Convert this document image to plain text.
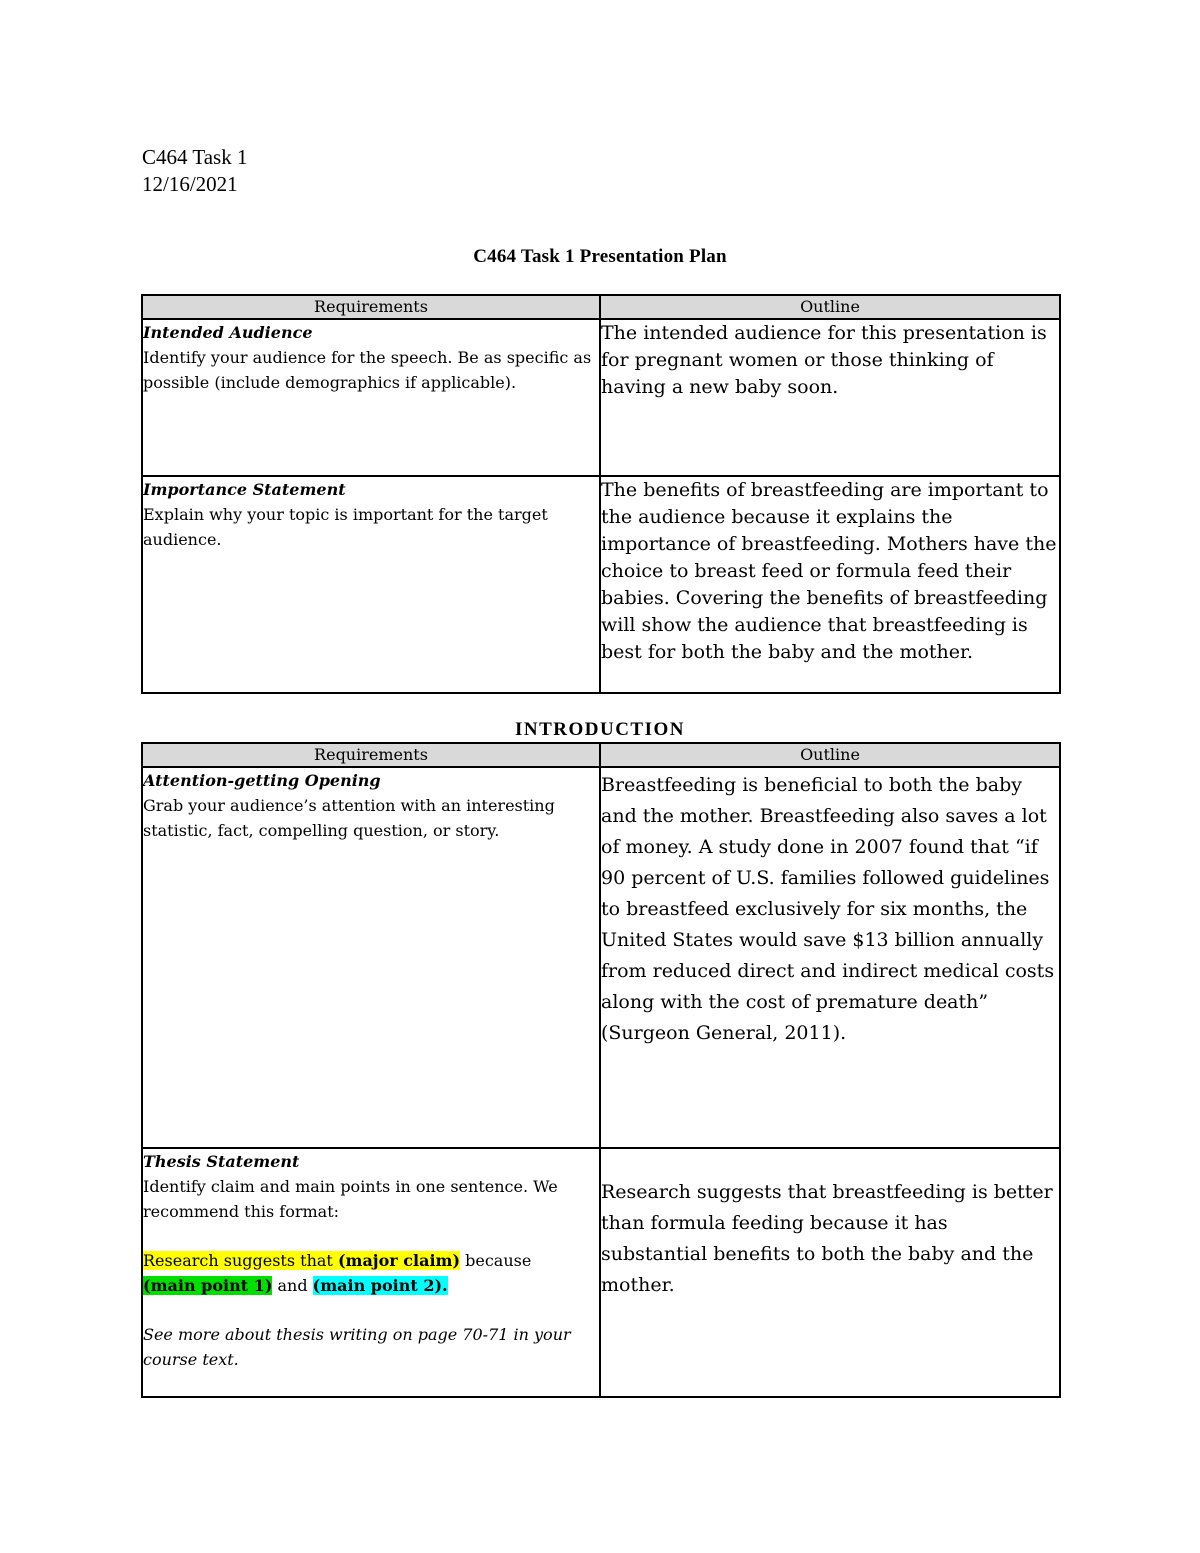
C464 Task 1
12/16/2021
C464 Task 1 Presentation Plan
Requirements	Outline

Intended Audience
Identify your audience for the speech. Be as specific as possible (include demographics if applicable).	The intended audience for this presentation is for pregnant women or those thinking of having a new baby soon.

Importance Statement
Explain why your topic is important for the target audience.	The benefits of breastfeeding are important to the audience because it explains the importance of breastfeeding. Mothers have the choice to breast feed or formula feed their babies. Covering the benefits of breastfeeding will show the audience that breastfeeding is best for both the baby and the mother.
INTRODUCTION
Requirements	Outline

Attention-getting Opening
Grab your audience’s attention with an interesting statistic, fact, compelling question, or story.	Breastfeeding is beneficial to both the baby and the mother. Breastfeeding also saves a lot of money. A study done in 2007 found that “if 90 percent of U.S. families followed guidelines to breastfeed exclusively for six months, the United States would save $13 billion annually from reduced direct and indirect medical costs along with the cost of premature death” (Surgeon General, 2011).

Thesis Statement
Identify claim and main points in one sentence. We recommend this format:
Research suggests that (major claim) because
(main point 1) and (main point 2).
See more about thesis writing on page 70-71 in your course text.	Research suggests that breastfeeding is better than formula feeding because it has substantial benefits to both the baby and the mother.
